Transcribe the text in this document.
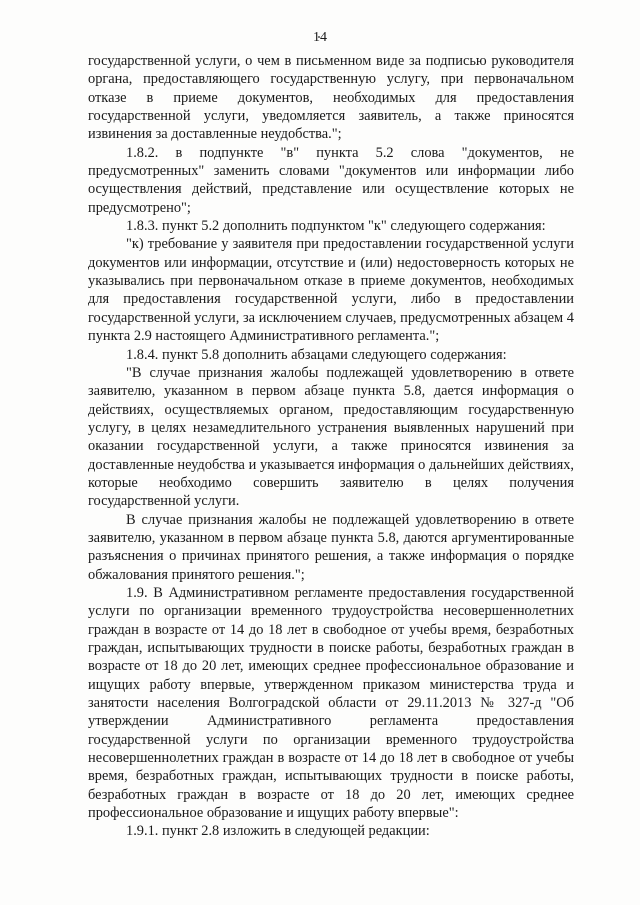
14

государственной услуги, о чем в письменном виде за подписью руководителя органа, предоставляющего государственную услугу, при первоначальном отказе в приеме документов, необходимых для предоставления государственной услуги, уведомляется заявитель, а также приносятся извинения за доставленные неудобства.";

1.8.2. в подпункте "в" пункта 5.2 слова "документов, не предусмотренных" заменить словами "документов или информации либо осуществления действий, представление или осуществление которых не предусмотрено";

1.8.3. пункт 5.2 дополнить подпунктом "к" следующего содержания:

"к) требование у заявителя при предоставлении государственной услуги документов или информации, отсутствие и (или) недостоверность которых не указывались при первоначальном отказе в приеме документов, необходимых для предоставления государственной услуги, либо в предоставлении государственной услуги, за исключением случаев, предусмотренных абзацем 4 пункта 2.9 настоящего Административного регламента.";

1.8.4. пункт 5.8 дополнить абзацами следующего содержания:

"В случае признания жалобы подлежащей удовлетворению в ответе заявителю, указанном в первом абзаце пункта 5.8, дается информация о действиях, осуществляемых органом, предоставляющим государственную услугу, в целях незамедлительного устранения выявленных нарушений при оказании государственной услуги, а также приносятся извинения за доставленные неудобства и указывается информация о дальнейших действиях, которые необходимо совершить заявителю в целях получения государственной услуги.

В случае признания жалобы не подлежащей удовлетворению в ответе заявителю, указанном в первом абзаце пункта 5.8, даются аргументированные разъяснения о причинах принятого решения, а также информация о порядке обжалования принятого решения.";

1.9. В Административном регламенте предоставления государственной услуги по организации временного трудоустройства несовершеннолетних граждан в возрасте от 14 до 18 лет в свободное от учебы время, безработных граждан, испытывающих трудности в поиске работы, безработных граждан в возрасте от 18 до 20 лет, имеющих среднее профессиональное образование и ищущих работу впервые, утвержденном приказом министерства труда и занятости населения Волгоградской области от 29.11.2013 № 327-д "Об утверждении Административного регламента предоставления государственной услуги по организации временного трудоустройства несовершеннолетних граждан в возрасте от 14 до 18 лет в свободное от учебы время, безработных граждан, испытывающих трудности в поиске работы, безработных граждан в возрасте от 18 до 20 лет, имеющих среднее профессиональное образование и ищущих работу впервые":

1.9.1. пункт 2.8 изложить в следующей редакции:
